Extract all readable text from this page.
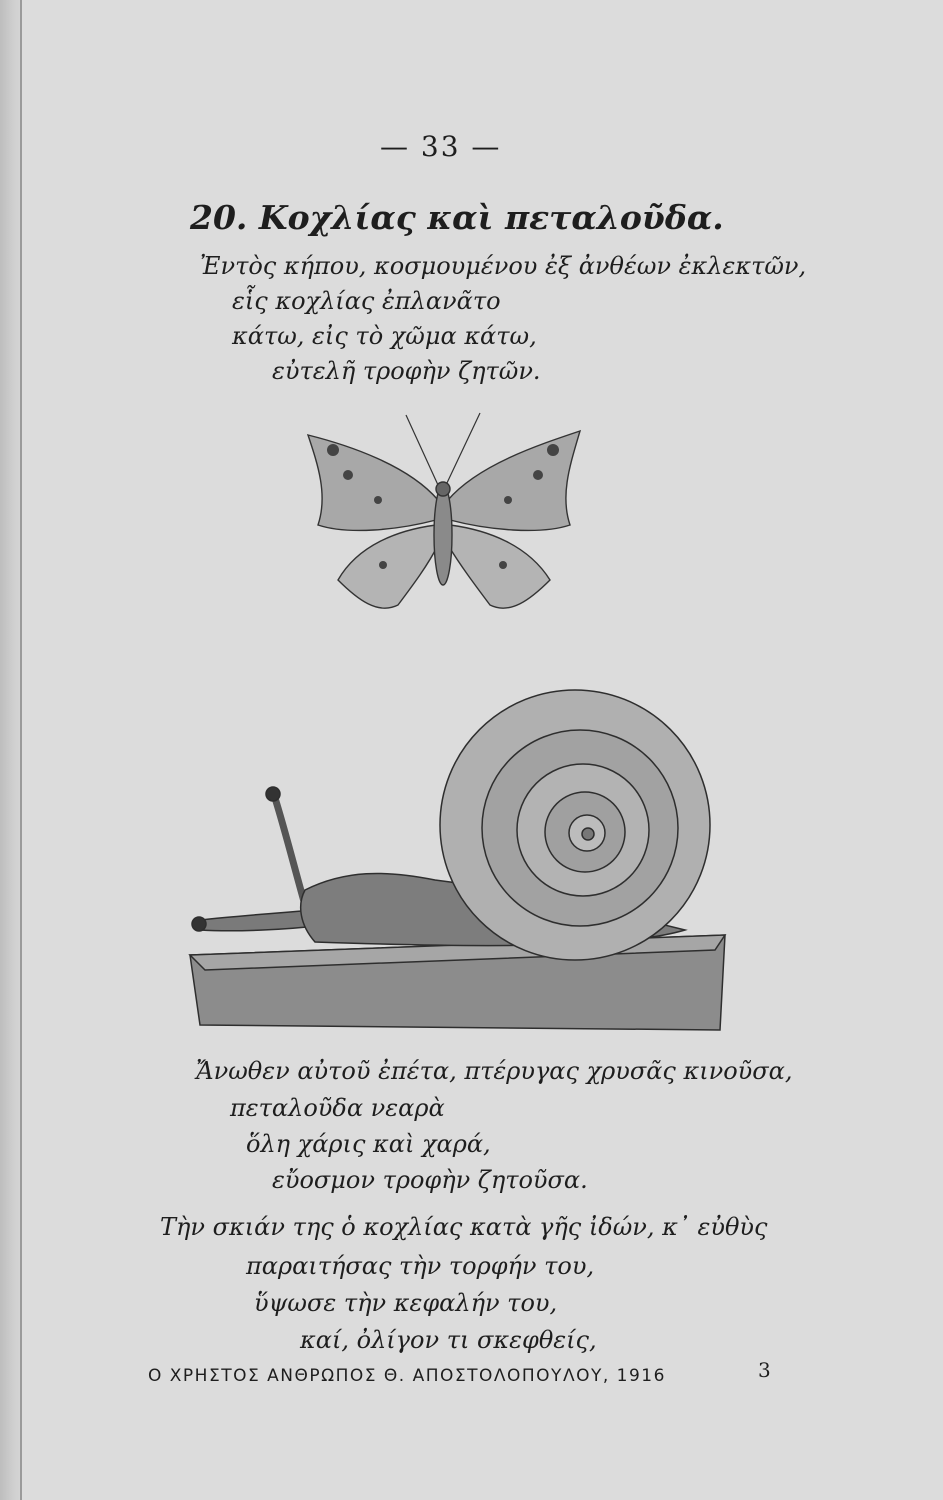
— 33 —
20. Κοχλίας καὶ πεταλοῦδα.
Ἐντὸς κήπου, κοσμουμένου ἐξ ἀνθέων ἐκλεκτῶν,
εἷς κοχλίας ἐπλανᾶτο
κάτω, εἰς τὸ χῶμα κάτω,
εὐτελῆ τροφὴν ζητῶν.
Ἄνωθεν αὐτοῦ ἐπέτα, πτέρυγας χρυσᾶς κινοῦσα,
πεταλοῦδα νεαρὰ
ὅλη χάρις καὶ χαρά,
εὔοσμον τροφὴν ζητοῦσα.
Τὴν σκιάν της ὁ κοχλίας κατὰ γῆς ἰδών, κ᾽ εὐθὺς
παραιτήσας τὴν τορφήν του,
ὕψωσε τὴν κεφαλήν του,
καί, ὀλίγον τι σκεφθείς,
Ο ΧΡΗΣΤΟΣ ΑΝΘΡΩΠΟΣ Θ. ΑΠΟΣΤΟΛΟΠΟΥΛΟΥ, 1916	3
